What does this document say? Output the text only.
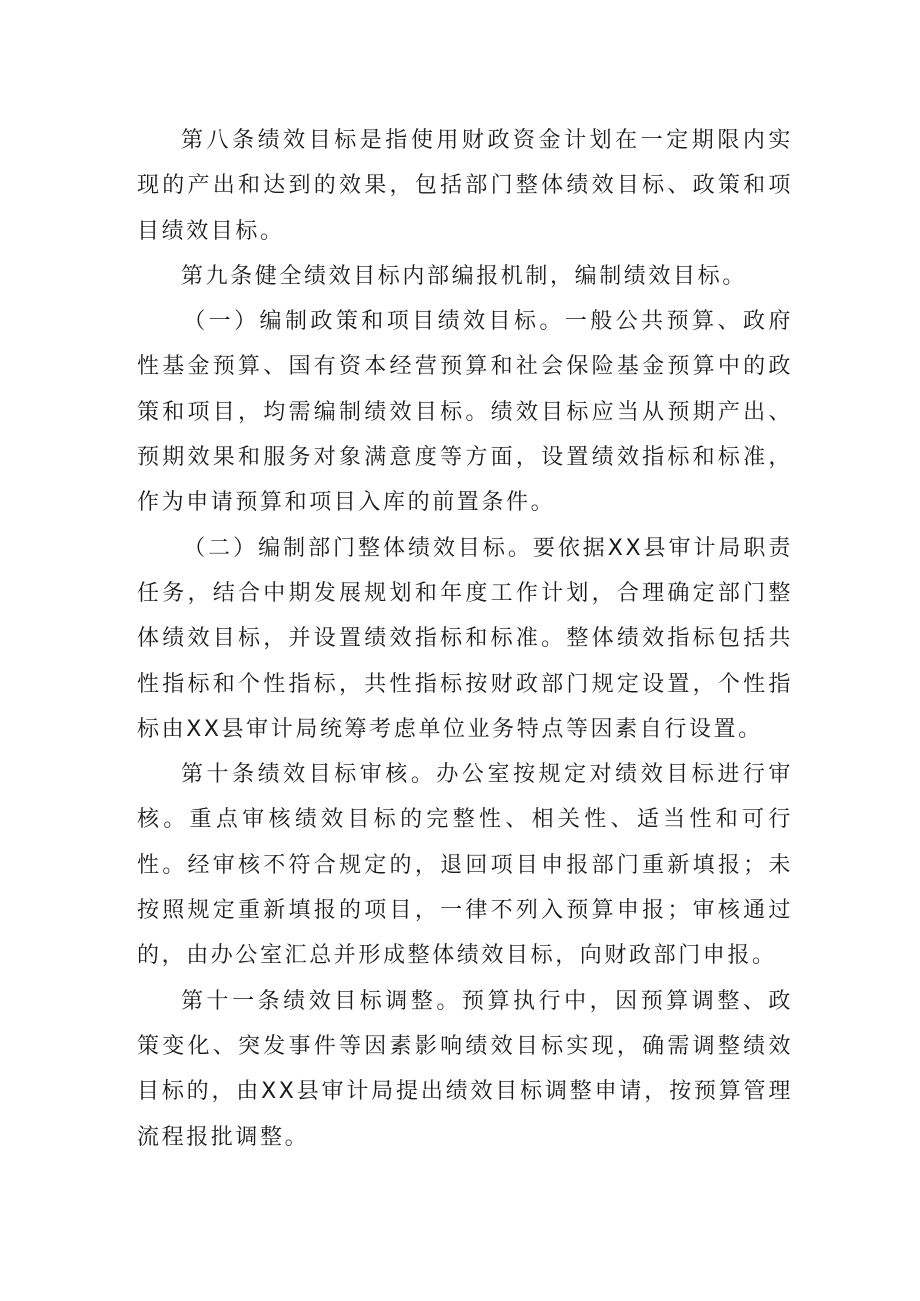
第八条绩效目标是指使用财政资金计划在一定期限内实现的产出和达到的效果，包括部门整体绩效目标、政策和项目绩效目标。

第九条健全绩效目标内部编报机制，编制绩效目标。

（一）编制政策和项目绩效目标。一般公共预算、政府性基金预算、国有资本经营预算和社会保险基金预算中的政策和项目，均需编制绩效目标。绩效目标应当从预期产出、预期效果和服务对象满意度等方面，设置绩效指标和标准，作为申请预算和项目入库的前置条件。

（二）编制部门整体绩效目标。要依据XX县审计局职责任务，结合中期发展规划和年度工作计划，合理确定部门整体绩效目标，并设置绩效指标和标准。整体绩效指标包括共性指标和个性指标，共性指标按财政部门规定设置，个性指标由XX县审计局统筹考虑单位业务特点等因素自行设置。

第十条绩效目标审核。办公室按规定对绩效目标进行审核。重点审核绩效目标的完整性、相关性、适当性和可行性。经审核不符合规定的，退回项目申报部门重新填报；未按照规定重新填报的项目，一律不列入预算申报；审核通过的，由办公室汇总并形成整体绩效目标，向财政部门申报。

第十一条绩效目标调整。预算执行中，因预算调整、政策变化、突发事件等因素影响绩效目标实现，确需调整绩效目标的，由XX县审计局提出绩效目标调整申请，按预算管理流程报批调整。
